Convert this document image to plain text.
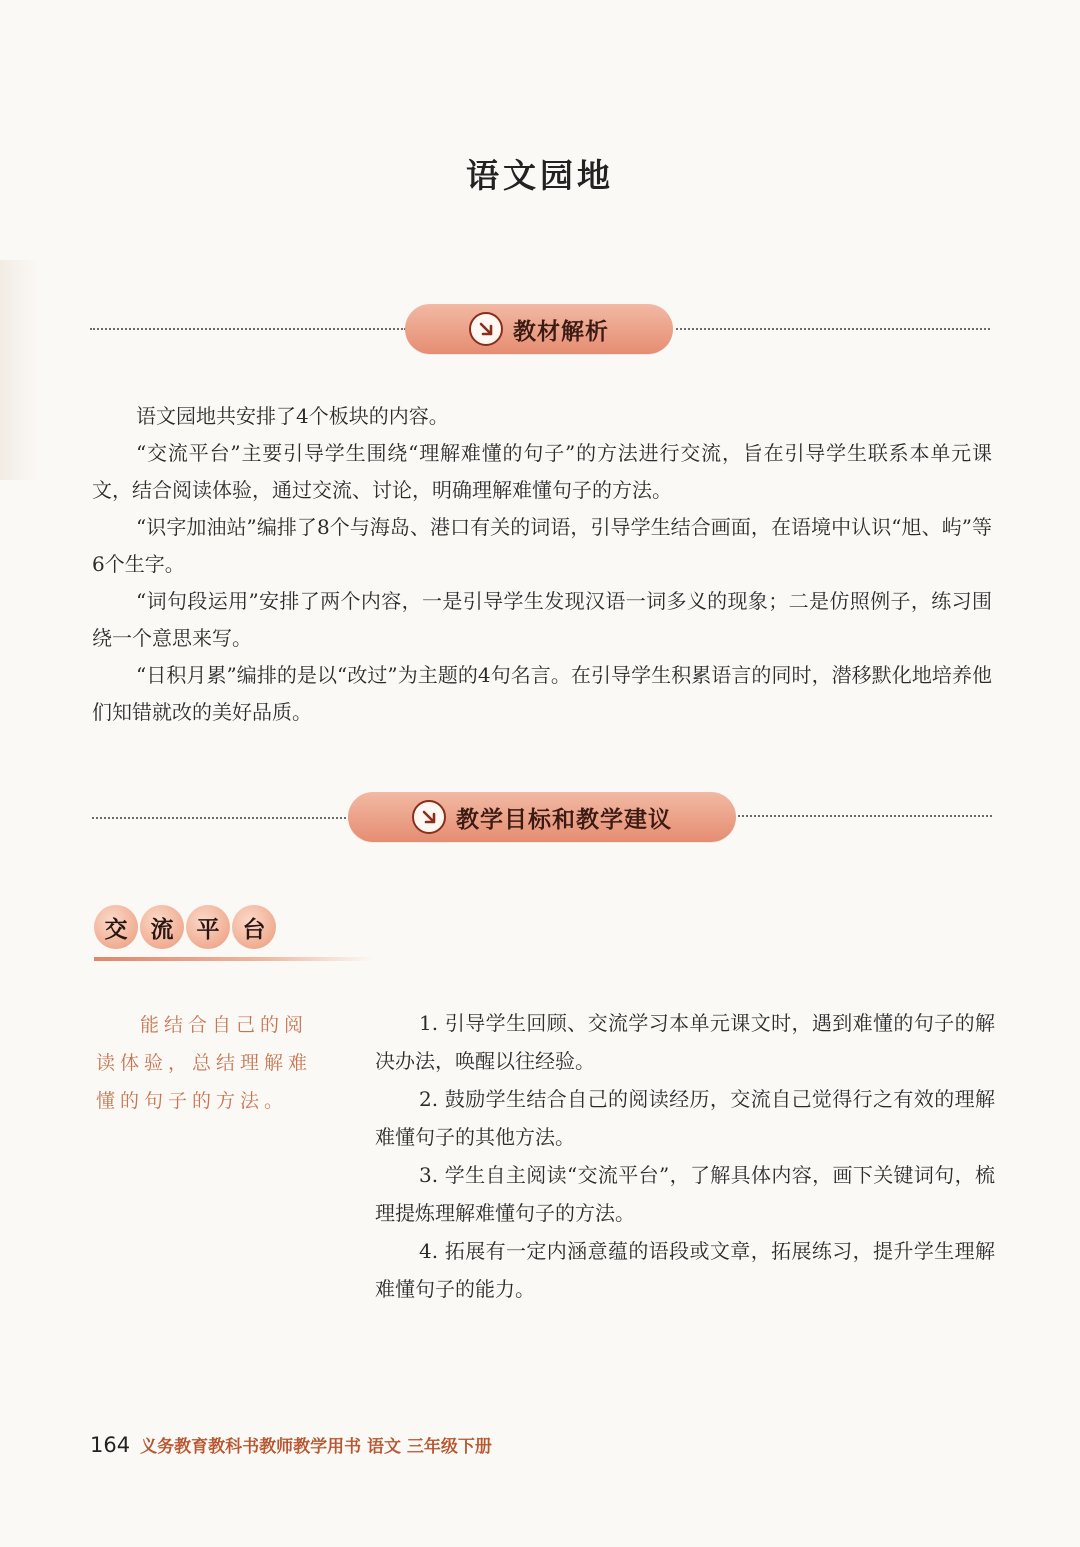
语文园地
教材解析
语文园地共安排了4个板块的内容。
“交流平台”主要引导学生围绕“理解难懂的句子”的方法进行交流，旨在引导学生联系本单元课文，结合阅读体验，通过交流、讨论，明确理解难懂句子的方法。
“识字加油站”编排了8个与海岛、港口有关的词语，引导学生结合画面，在语境中认识“旭、屿”等6个生字。
“词句段运用”安排了两个内容，一是引导学生发现汉语一词多义的现象；二是仿照例子，练习围绕一个意思来写。
“日积月累”编排的是以“改过”为主题的4句名言。在引导学生积累语言的同时，潜移默化地培养他们知错就改的美好品质。
教学目标和教学建议
交	流	平	台
能结合自己的阅读体验，总结理解难懂的句子的方法。
1. 引导学生回顾、交流学习本单元课文时，遇到难懂的句子的解决办法，唤醒以往经验。
2. 鼓励学生结合自己的阅读经历，交流自己觉得行之有效的理解难懂句子的其他方法。
3. 学生自主阅读“交流平台”，了解具体内容，画下关键词句，梳理提炼理解难懂句子的方法。
4. 拓展有一定内涵意蕴的语段或文章，拓展练习，提升学生理解难懂句子的能力。
164 义务教育教科书教师教学用书 语文 三年级下册
